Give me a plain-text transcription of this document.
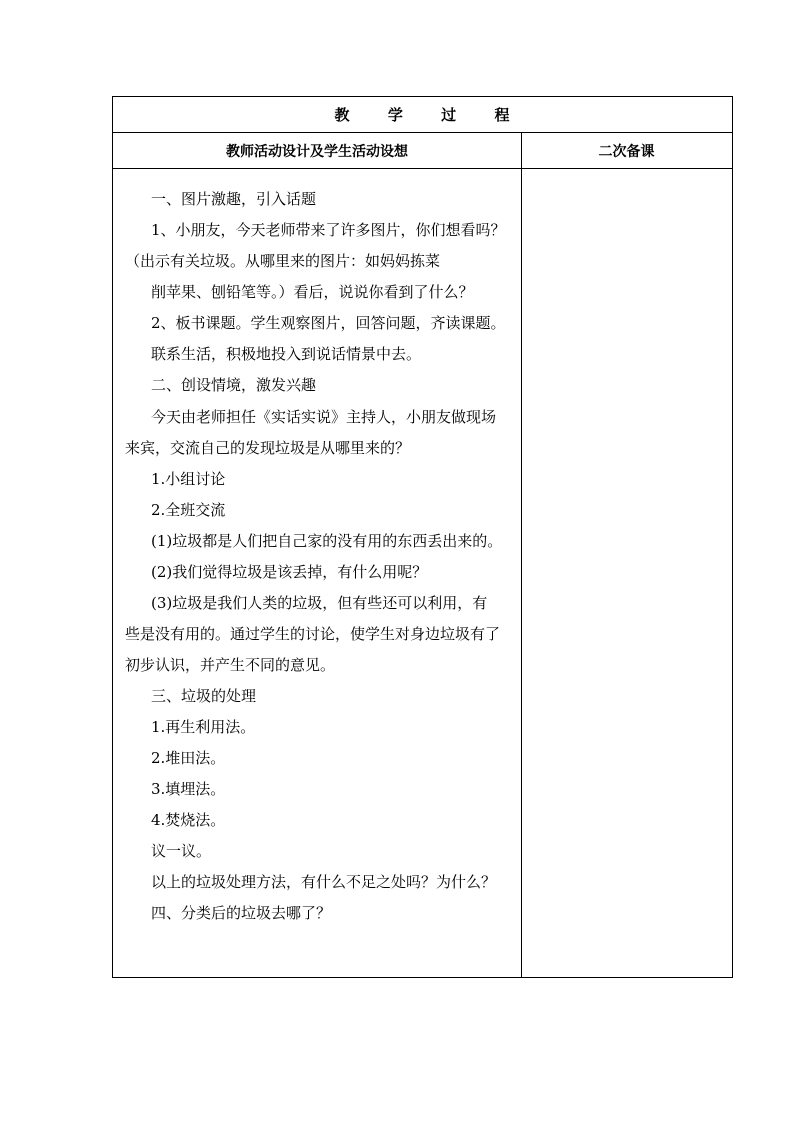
教      学      过      程
教师活动设计及学生活动设想	二次备课
一、图片激趣，引入话题
1、小朋友，今天老师带来了许多图片，你们想看吗？
（出示有关垃圾。从哪里来的图片：如妈妈拣菜
削苹果、刨铅笔等。）看后，说说你看到了什么？
2、板书课题。学生观察图片，回答问题，齐读课题。
联系生活，积极地投入到说话情景中去。
二、创设情境，激发兴趣
今天由老师担任《实话实说》主持人，小朋友做现场
来宾，交流自己的发现垃圾是从哪里来的？
1.小组讨论
2.全班交流
(1)垃圾都是人们把自己家的没有用的东西丢出来的。
(2)我们觉得垃圾是该丢掉，有什么用呢？
(3)垃圾是我们人类的垃圾，但有些还可以利用，有
些是没有用的。通过学生的讨论，使学生对身边垃圾有了
初步认识，并产生不同的意见。
三、垃圾的处理
1.再生利用法。
2.堆田法。
3.填埋法。
4.焚烧法。
议一议。
以上的垃圾处理方法，有什么不足之处吗？为什么？
四、分类后的垃圾去哪了？
